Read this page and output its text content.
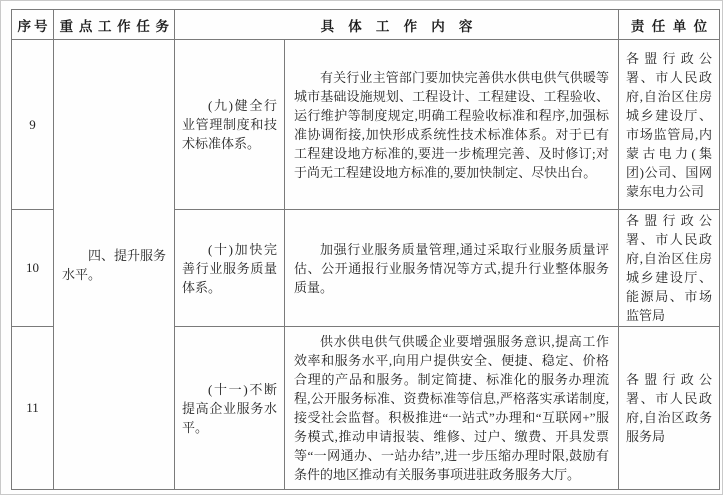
序号	重点工作任务	具体工作内容		责任单位
9	四、提升服务水平。	(九)健全行业管理制度和技术标准体系。	有关行业主管部门要加快完善供水供电供气供暖等城市基础设施规划、工程设计、工程建设、工程验收、运行维护等制度规定,明确工程验收标准和程序,加强标准协调衔接,加快形成系统性技术标准体系。对于已有工程建设地方标准的,要进一步梳理完善、及时修订;对于尚无工程建设地方标准的,要加快制定、尽快出台。	各盟行政公署、市人民政府,自治区住房城乡建设厅、市场监管局,内蒙古电力(集团)公司、国网蒙东电力公司

10		(十)加快完善行业服务质量体系。	加强行业服务质量管理,通过采取行业服务质量评估、公开通报行业服务情况等方式,提升行业整体服务质量。	各盟行政公署、市人民政府,自治区住房城乡建设厅、能源局、市场监管局

11		(十一)不断提高企业服务水平。	供水供电供气供暖企业要增强服务意识,提高工作效率和服务水平,向用户提供安全、便捷、稳定、价格合理的产品和服务。制定简捷、标准化的服务办理流程,公开服务标准、资费标准等信息,严格落实承诺制度,接受社会监督。积极推进“一站式”办理和“互联网+”服务模式,推动申请报装、维修、过户、缴费、开具发票等“一网通办、一站办结”,进一步压缩办理时限,鼓励有条件的地区推动有关服务事项进驻政务服务大厅。	各盟行政公署、市人民政府,自治区政务服务局
